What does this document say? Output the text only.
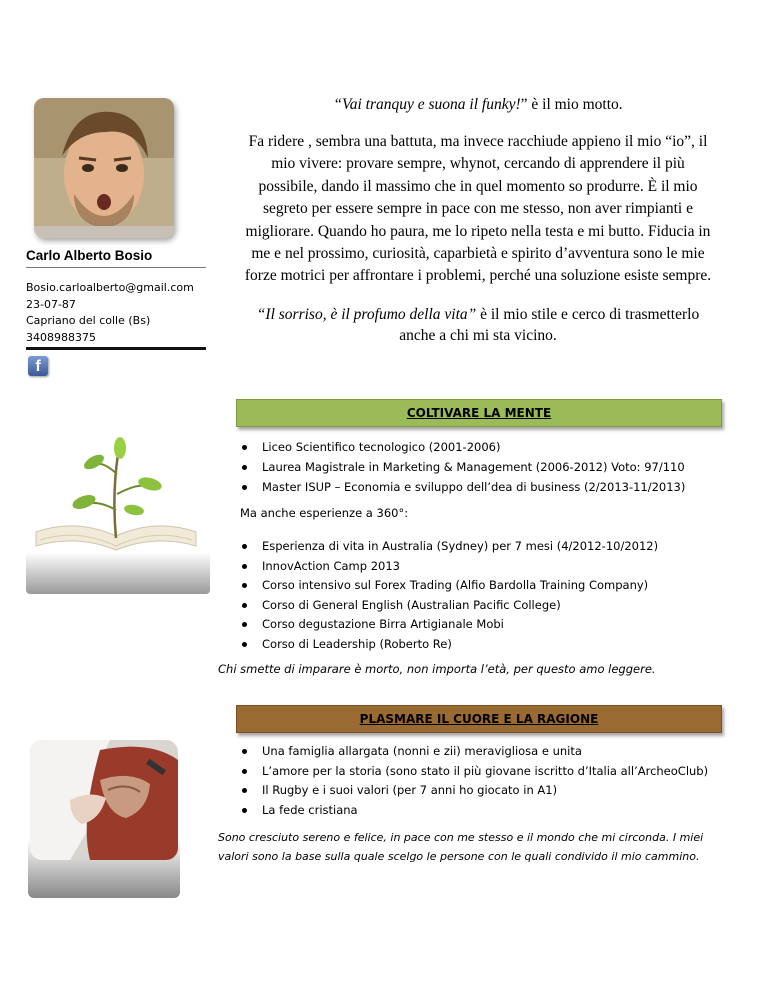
Carlo Alberto Bosio
Bosio.carloalberto@gmail.com
23-07-87
Capriano del colle (Bs)
3408988375
f
“Vai tranquy e suona il funky!” è il mio motto.
Fa ridere , sembra una battuta, ma invece racchiude appieno il mio “io”, il mio vivere: provare sempre, whynot, cercando di apprendere il più possibile, dando il massimo che in quel momento so produrre. È il mio segreto per essere sempre in pace con me stesso, non aver rimpianti e migliorare. Quando ho paura, me lo ripeto nella testa e mi butto. Fiducia in me e nel prossimo, curiosità, caparbietà e spirito d’avventura sono le mie forze motrici per affrontare i problemi, perché una soluzione esiste sempre.
“Il sorriso, è il profumo della vita” è il mio stile e cerco di trasmetterlo anche a chi mi sta vicino.
COLTIVARE LA MENTE
Liceo Scientifico tecnologico (2001-2006)
Laurea Magistrale in Marketing & Management (2006-2012) Voto: 97/110
Master ISUP – Economia e sviluppo dell’dea di business (2/2013-11/2013)
Ma anche esperienze a 360°:
Esperienza di vita in Australia (Sydney) per 7 mesi (4/2012-10/2012)
InnovAction Camp 2013
Corso intensivo sul Forex Trading (Alfio Bardolla Training Company)
Corso di General English (Australian Pacific College)
Corso degustazione Birra Artigianale Mobi
Corso di Leadership (Roberto Re)
Chi smette di imparare è morto, non importa l’età, per questo amo leggere.
PLASMARE IL CUORE E LA RAGIONE
Una famiglia allargata (nonni e zii) meravigliosa e unita
L’amore per la storia (sono stato il più giovane iscritto d’Italia all’ArcheoClub)
Il Rugby e i suoi valori (per 7 anni ho giocato in A1)
La fede cristiana
Sono cresciuto sereno e felice, in pace con me stesso e il mondo che mi circonda. I miei valori sono la base sulla quale scelgo le persone con le quali condivido il mio cammino.
